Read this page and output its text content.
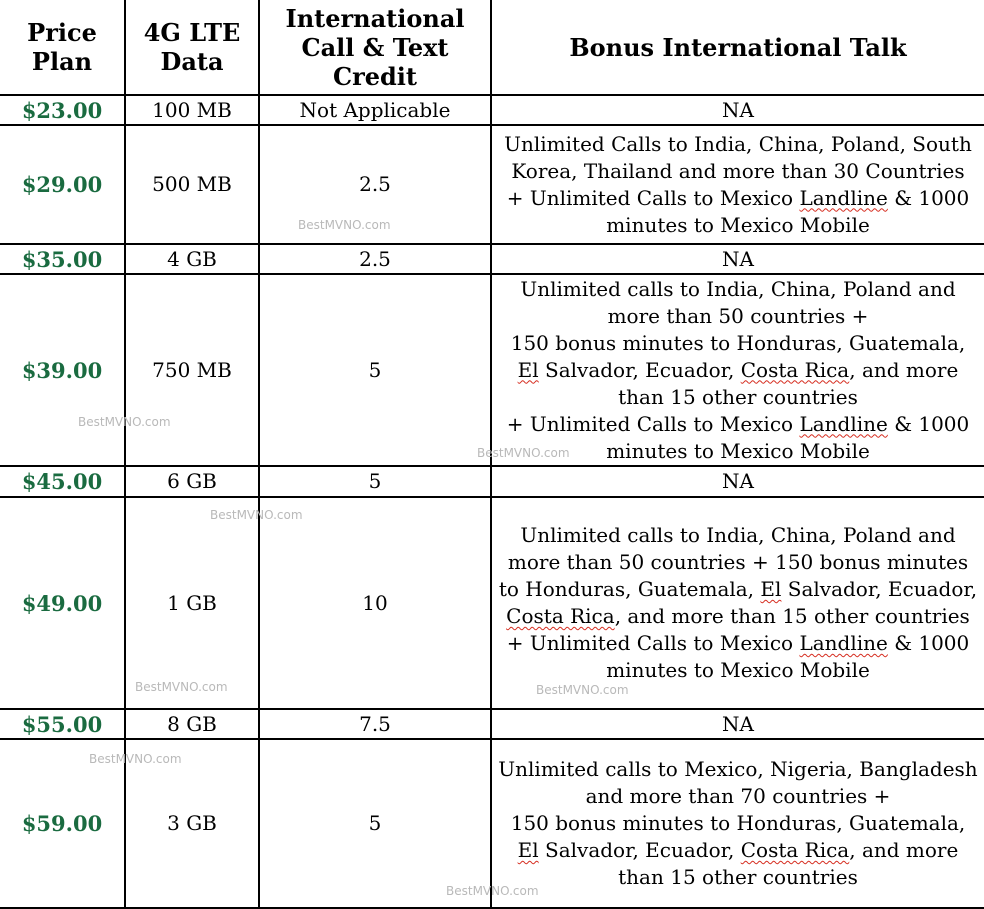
Price Plan	4G LTE Data	International Call & Text Credit	Bonus International Talk
$23.00	100 MB	Not Applicable	NA

$29.00	500 MB	2.5	Unlimited Calls to India, China, Poland, South Korea, Thailand and more than 30 Countries
+ Unlimited Calls to Mexico Landline & 1000 minutes to Mexico Mobile

$35.00	4 GB	2.5	NA

$39.00	750 MB	5	Unlimited calls to India, China, Poland and more than 50 countries +
150 bonus minutes to Honduras, Guatemala, El Salvador, Ecuador, Costa Rica, and more than 15 other countries
+ Unlimited Calls to Mexico Landline & 1000 minutes to Mexico Mobile

$45.00	6 GB	5	NA

$49.00	1 GB	10	Unlimited calls to India, China, Poland and more than 50 countries + 150 bonus minutes to Honduras, Guatemala, El Salvador, Ecuador, Costa Rica, and more than 15 other countries + Unlimited Calls to Mexico Landline & 1000 minutes to Mexico Mobile

$55.00	8 GB	7.5	NA

$59.00	3 GB	5	Unlimited calls to Mexico, Nigeria, Bangladesh and more than 70 countries +
150 bonus minutes to Honduras, Guatemala, El Salvador, Ecuador, Costa Rica, and more than 15 other countries
BestMVNO.com
BestMVNO.com
BestMVNO.com
BestMVNO.com
BestMVNO.com	BestMVNO.com
BestMVNO.com
BestMVNO.com
